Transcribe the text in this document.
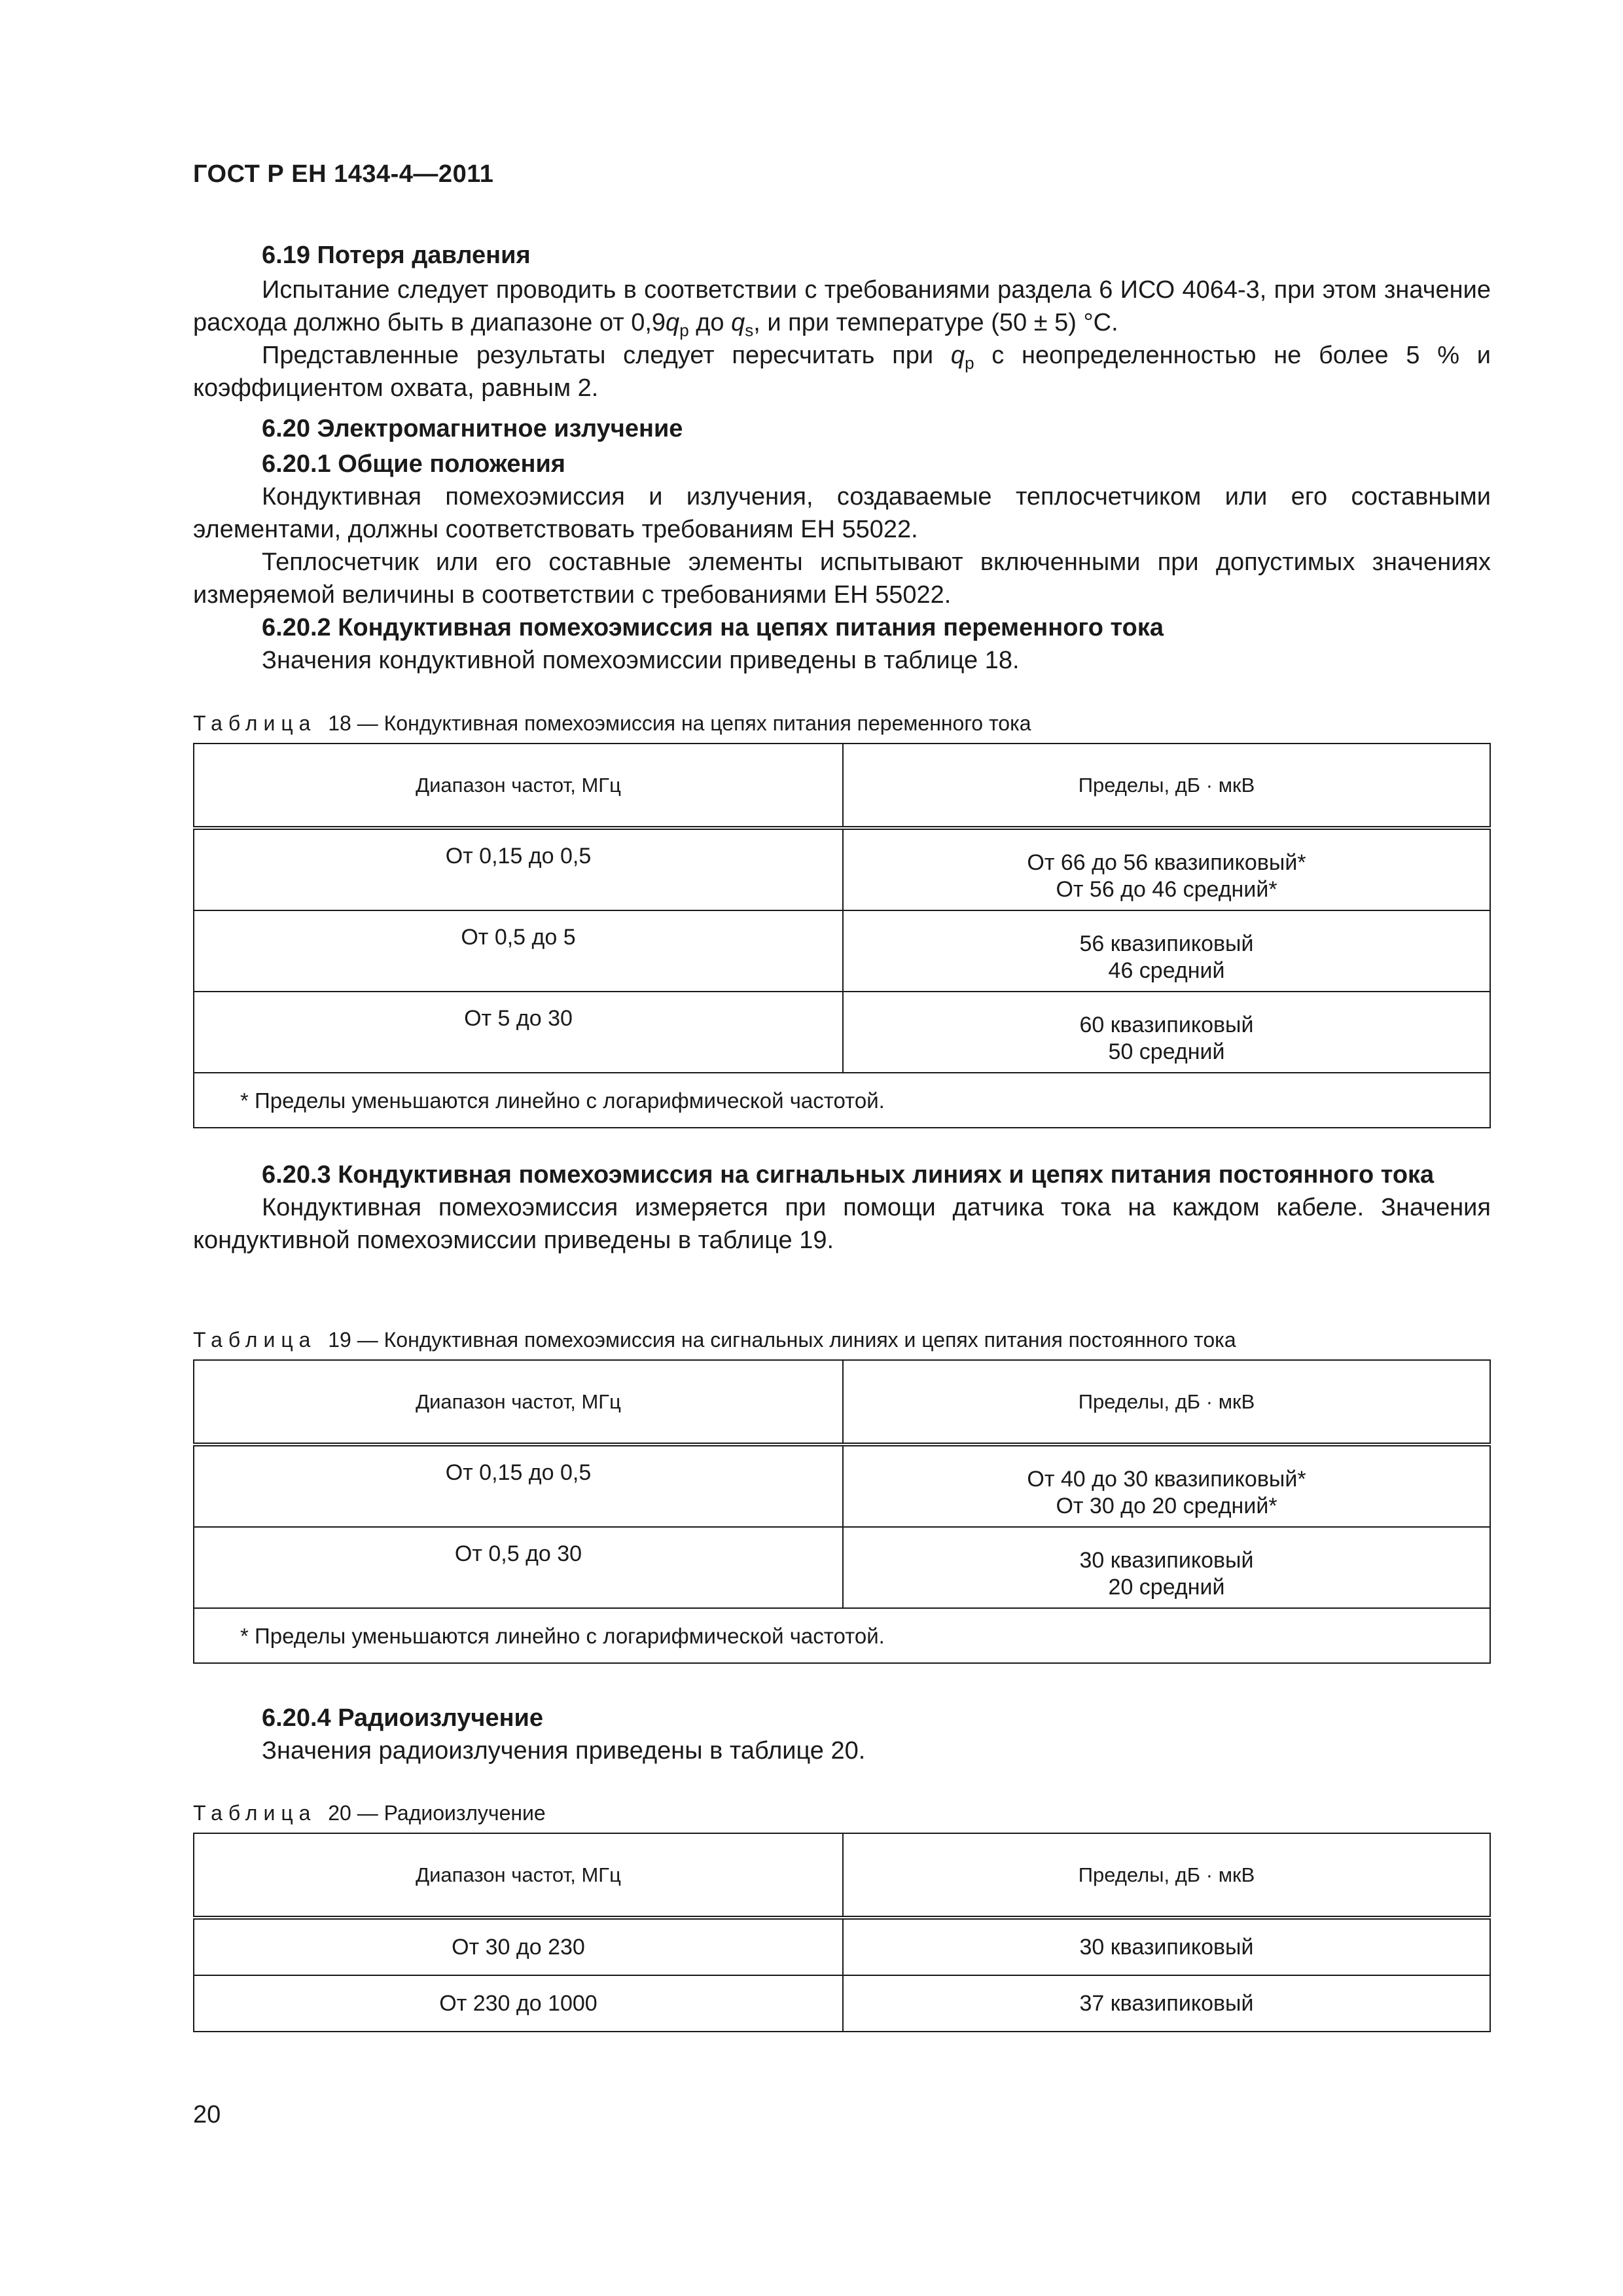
ГОСТ Р ЕН 1434-4—2011

6.19 Потеря давления

Испытание следует проводить в соответствии с требованиями раздела 6 ИСО 4064-3, при этом значение расхода должно быть в диапазоне от $0,9q_p$ до $q_s$, и при температуре (50 ± 5) °С.

Представленные результаты следует пересчитать при $q_p$ с неопределенностью не более 5 % и коэффициентом охвата, равным 2.

6.20 Электромагнитное излучение

6.20.1 Общие положения

Кондуктивная помехоэмиссия и излучения, создаваемые теплосчетчиком или его составными элементами, должны соответствовать требованиям ЕН 55022.

Теплосчетчик или его составные элементы испытывают включенными при допустимых значениях измеряемой величины в соответствии с требованиями ЕН 55022.

6.20.2 Кондуктивная помехоэмиссия на цепях питания переменного тока

Значения кондуктивной помехоэмиссии приведены в таблице 18.

Таблица 18 — Кондуктивная помехоэмиссия на цепях питания переменного тока
Диапазон частот, МГц	Пределы, дБ · мкВ

От 0,15 до 0,5	От 66 до 56 квазипиковый*
От 56 до 46 средний*

От 0,5 до 5	56 квазипиковый
46 средний

От 5 до 30	60 квазипиковый
50 средний

* Пределы уменьшаются линейно с логарифмической частотой.	

6.20.3 Кондуктивная помехоэмиссия на сигнальных линиях и цепях питания постоянного тока

Кондуктивная помехоэмиссия измеряется при помощи датчика тока на каждом кабеле. Значения кондуктивной помехоэмиссии приведены в таблице 19.

Таблица 19 — Кондуктивная помехоэмиссия на сигнальных линиях и цепях питания постоянного тока
Диапазон частот, МГц	Пределы, дБ · мкВ

От 0,15 до 0,5	От 40 до 30 квазипиковый*
От 30 до 20 средний*

От 0,5 до 30	30 квазипиковый
20 средний

* Пределы уменьшаются линейно с логарифмической частотой.	

6.20.4 Радиоизлучение

Значения радиоизлучения приведены в таблице 20.

Таблица 20 — Радиоизлучение
Диапазон частот, МГц	Пределы, дБ · мкВ
От 30 до 230	30 квазипиковый
От 230 до 1000	37 квазипиковый
20
